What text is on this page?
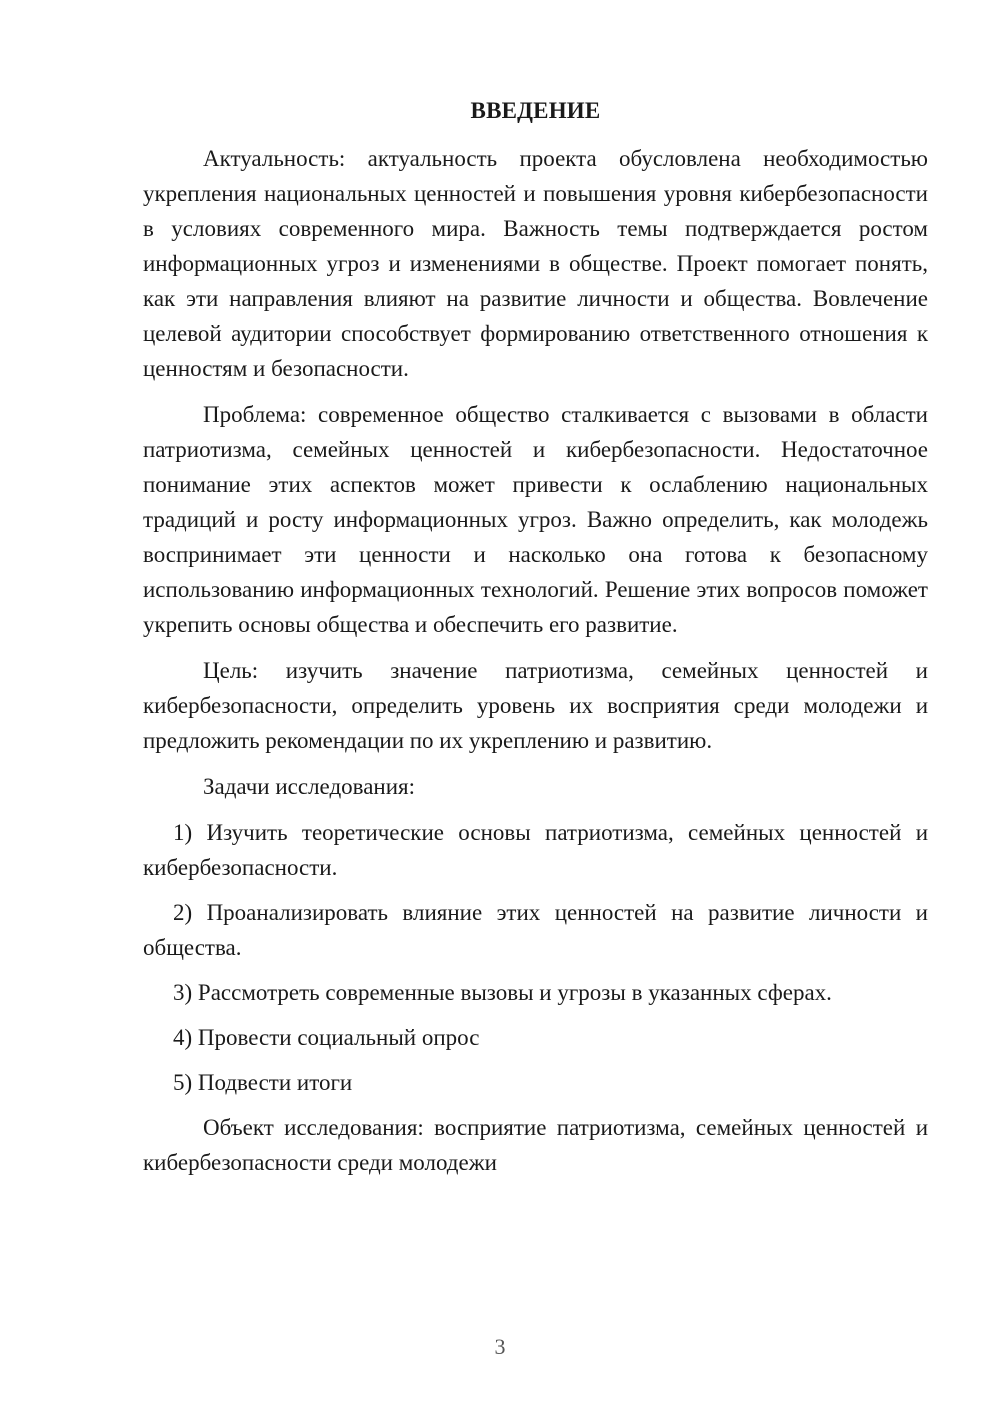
ВВЕДЕНИЕ

Актуальность: актуальность проекта обусловлена необходимостью укрепления национальных ценностей и повышения уровня кибербезопасности в условиях современного мира. Важность темы подтверждается ростом информационных угроз и изменениями в обществе. Проект помогает понять, как эти направления влияют на развитие личности и общества. Вовлечение целевой аудитории способствует формированию ответственного отношения к ценностям и безопасности.

Проблема: современное общество сталкивается с вызовами в области патриотизма, семейных ценностей и кибербезопасности. Недостаточное понимание этих аспектов может привести к ослаблению национальных традиций и росту информационных угроз. Важно определить, как молодежь воспринимает эти ценности и насколько она готова к безопасному использованию информационных технологий. Решение этих вопросов поможет укрепить основы общества и обеспечить его развитие.

Цель: изучить значение патриотизма, семейных ценностей и кибербезопасности, определить уровень их восприятия среди молодежи и предложить рекомендации по их укреплению и развитию.

Задачи исследования:

1) Изучить теоретические основы патриотизма, семейных ценностей и кибербезопасности.

2) Проанализировать влияние этих ценностей на развитие личности и общества.

3) Рассмотреть современные вызовы и угрозы в указанных сферах.

4) Провести социальный опрос

5) Подвести итоги

Объект исследования: восприятие патриотизма, семейных ценностей и кибербезопасности среди молодежи

3
